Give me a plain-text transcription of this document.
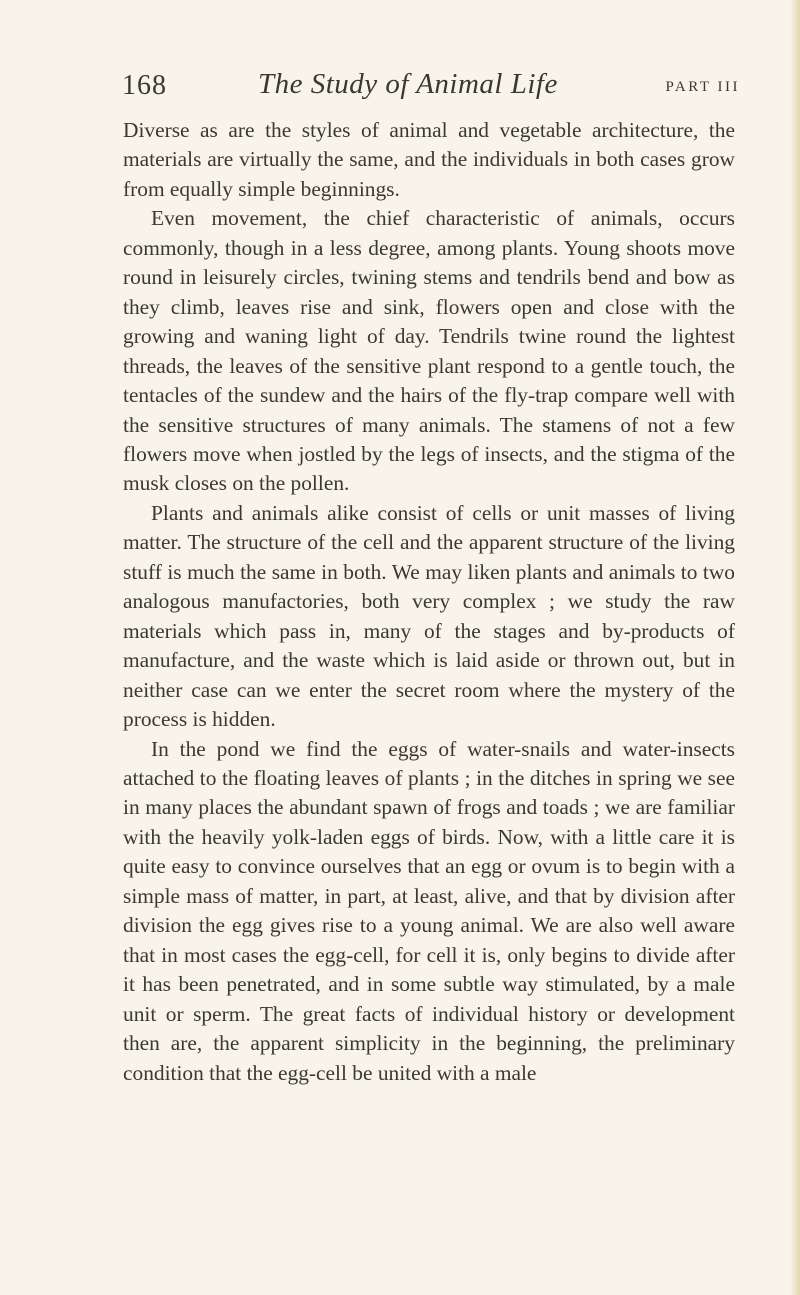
168	The Study of Animal Life	PART III

Diverse as are the styles of animal and vegetable architecture, the materials are virtually the same, and the individuals in both cases grow from equally simple beginnings.

Even movement, the chief characteristic of animals, occurs commonly, though in a less degree, among plants. Young shoots move round in leisurely circles, twining stems and tendrils bend and bow as they climb, leaves rise and sink, flowers open and close with the growing and waning light of day. Tendrils twine round the lightest threads, the leaves of the sensitive plant respond to a gentle touch, the tentacles of the sundew and the hairs of the fly-trap compare well with the sensitive structures of many animals. The stamens of not a few flowers move when jostled by the legs of insects, and the stigma of the musk closes on the pollen.

Plants and animals alike consist of cells or unit masses of living matter. The structure of the cell and the apparent structure of the living stuff is much the same in both. We may liken plants and animals to two analogous manufactories, both very complex ; we study the raw materials which pass in, many of the stages and by-products of manufacture, and the waste which is laid aside or thrown out, but in neither case can we enter the secret room where the mystery of the process is hidden.

In the pond we find the eggs of water-snails and water-insects attached to the floating leaves of plants ; in the ditches in spring we see in many places the abundant spawn of frogs and toads ; we are familiar with the heavily yolk-laden eggs of birds. Now, with a little care it is quite easy to convince ourselves that an egg or ovum is to begin with a simple mass of matter, in part, at least, alive, and that by division after division the egg gives rise to a young animal. We are also well aware that in most cases the egg-cell, for cell it is, only begins to divide after it has been penetrated, and in some subtle way stimulated, by a male unit or sperm. The great facts of individual history or development then are, the apparent simplicity in the beginning, the preliminary condition that the egg-cell be united with a male
